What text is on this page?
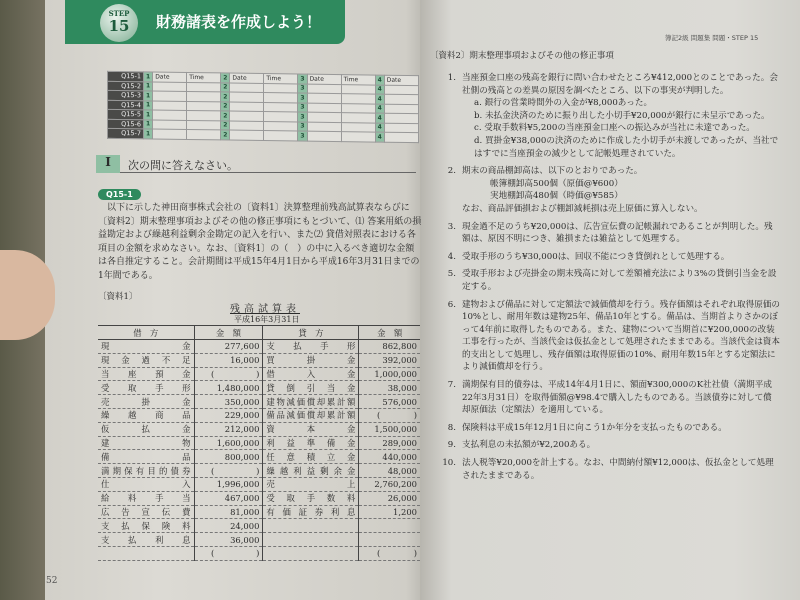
STEP
15	財務諸表を作成しよう！
Q15-1	1	Date	Time	2	Date	Time	3	Date	Time	4	Date
Q15-2	1			2			3			4	
Q15-3	1			2			3			4	
Q15-4	1			2			3			4	
Q15-5	1			2			3			4	
Q15-6	1			2			3			4	
Q15-7	1			2			3			4	
I	次の問に答えなさい。
Q15-1
以下に示した神田商事株式会社の〔資料1〕決算整理前残高試算表ならびに〔資料2〕期末整理事項およびその他の修正事項にもとづいて、⑴ 答案用紙の損益勘定および繰越利益剰余金勘定の記入を行い、また⑵ 貸借対照表における各項目の金額を求めなさい。なお、〔資料1〕の（　）の中に入るべき適切な金額は各自推定すること。会計期間は平成15年4月1日から平成16年3月31日までの1年間である。
〔資料1〕
残高試算表
平成16年3月31日
借　方	金　額	貸　方	金　額
現金	277,600	支払手形	862,800
現金過不足	16,000	買掛金	392,000
当座預金	(　　　　　)	借入金	1,000,000
受取手形	1,480,000	貸倒引当金	38,000
売掛金	350,000	建物減価償却累計額	576,000
繰越商品	229,000	備品減価償却累計額	(　　　　)
仮払金	212,000	資本金	1,500,000
建物	1,600,000	利益準備金	289,000
備品	800,000	任意積立金	440,000
満期保有目的債券	(　　　　　)	繰越利益剰余金	48,000
仕入	1,996,000	売上	2,760,200
給料手当	467,000	受取手数料	26,000
広告宣伝費	81,000	有価証券利息	1,200
支払保険料	24,000		
支払利息	36,000		
	(　　　　　)		(　　　　)
52
簿記2級 問題集 問題・STEP 15
〔資料2〕期末整理事項およびその他の修正事項
1. 当座預金口座の残高を銀行に問い合わせたところ¥412,000とのことであった。会社側の残高との差異の原因を調べたところ、以下の事実が判明した。
a. 銀行の営業時間外の入金が¥8,000あった。
b. 未払金決済のために振り出した小切手¥20,000が銀行に未呈示であった。
c. 受取手数料¥5,200の当座預金口座への振込みが当社に未達であった。
d. 買掛金¥38,000の決済のために作成した小切手が未渡しであったが、当社ではすでに当座預金の減少として記帳処理されていた。
2. 期末の商品棚卸高は、以下のとおりであった。
帳簿棚卸高500個（原価@¥600）
実地棚卸高480個（時価@¥585）
なお、商品評価損および棚卸減耗損は売上原価に算入しない。
3. 現金過不足のうち¥20,000は、広告宣伝費の記帳漏れであることが判明した。残額は、原因不明につき、雑損または雑益として処理する。
4. 受取手形のうち¥30,000は、回収不能につき貸倒れとして処理する。
5. 受取手形および売掛金の期末残高に対して差額補充法により3%の貸倒引当金を設定する。
6. 建物および備品に対して定額法で減価償却を行う。残存価額はそれぞれ取得原価の10%とし、耐用年数は建物25年、備品10年とする。備品は、当期首よりさかのぼって4年前に取得したものである。また、建物について当期首に¥200,000の改装工事を行ったが、当該代金は仮払金として処理されたままである。当該代金は資本的支出として処理し、残存価額は取得原価の10%、耐用年数15年とする定額法により減価償却を行う。
7. 満期保有目的債券は、平成14年4月1日に、額面¥300,000のK社社債（満期平成22年3月31日）を取得価額@¥98.4で購入したものである。当該債券に対して償却原価法（定額法）を適用している。
8. 保険料は平成15年12月1日に向こう1か年分を支払ったものである。
9. 支払利息の未払額が¥2,200ある。
10. 法人税等¥20,000を計上する。なお、中間納付額¥12,000は、仮払金として処理されたままである。
